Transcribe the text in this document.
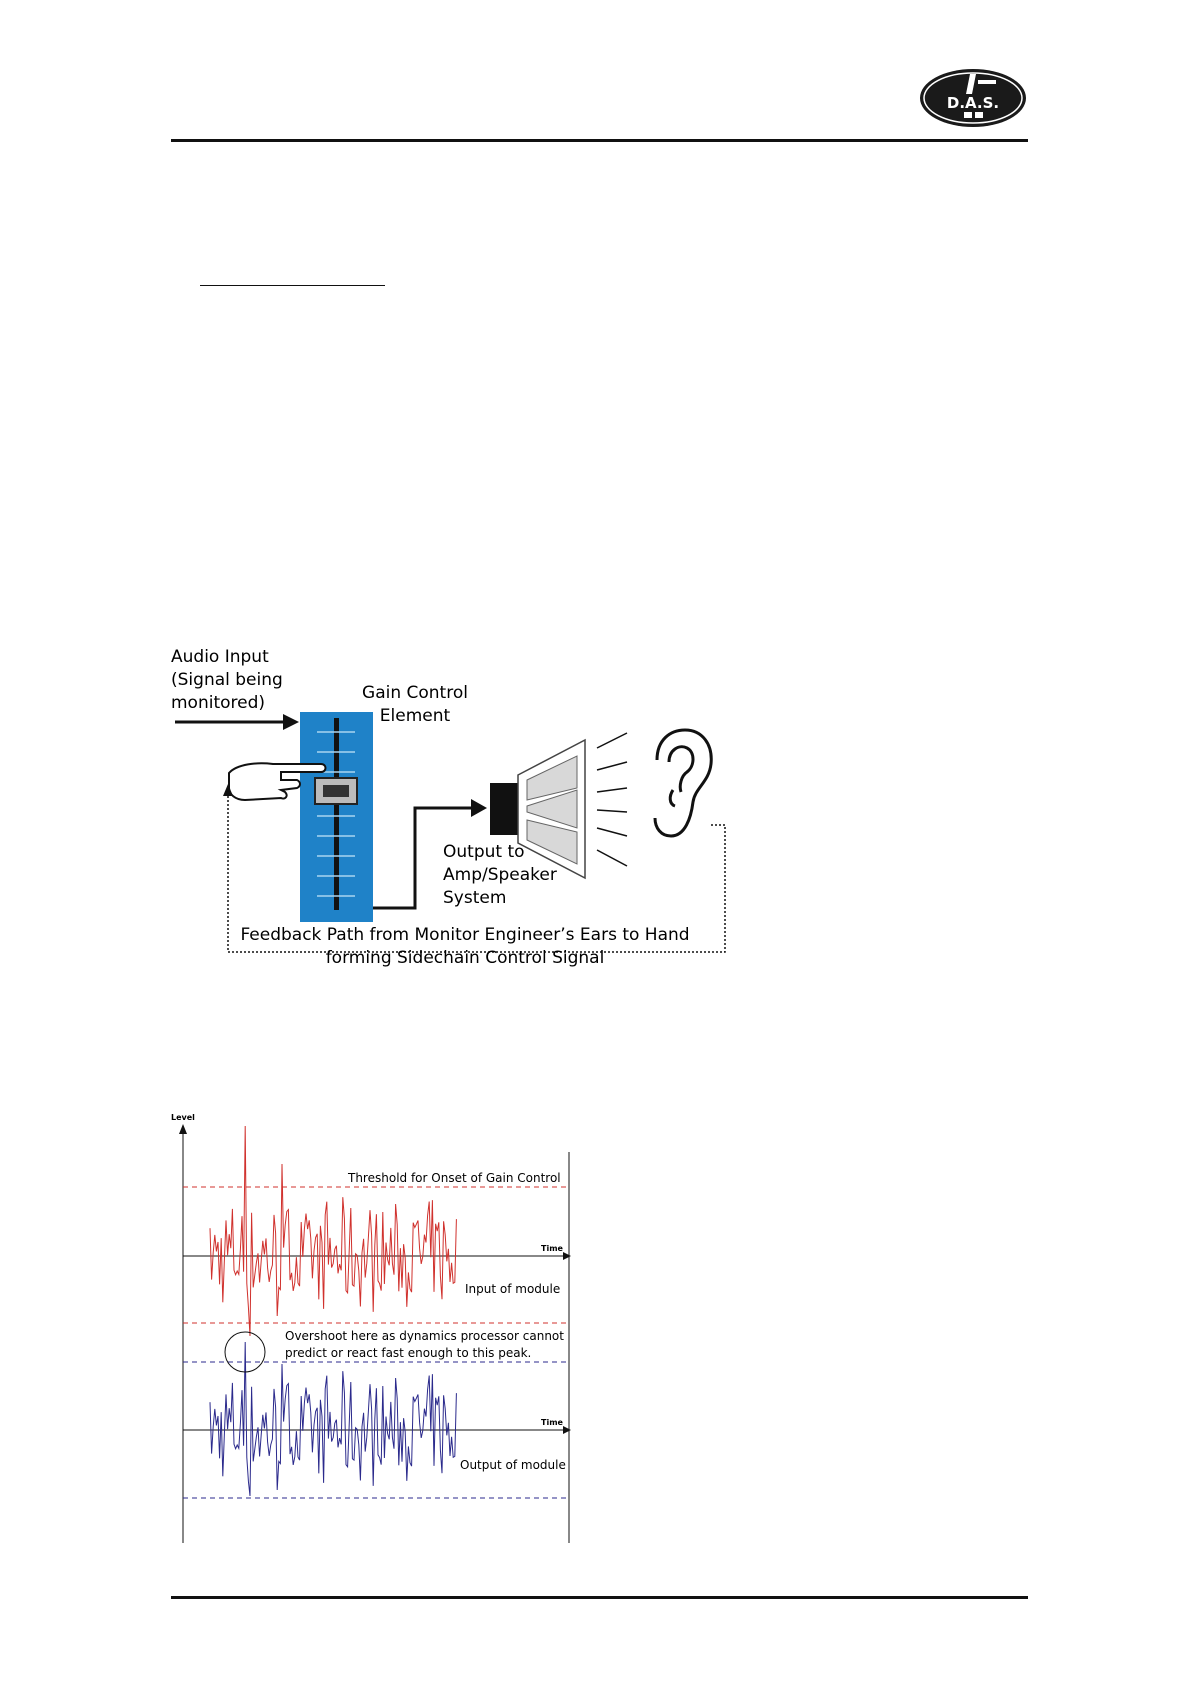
D.A.S.
Audio Input
(Signal being
monitored)	Gain Control
Element
Output to
Amp/Speaker
System
Feedback Path from Monitor Engineer’s Ears to Hand
forming Sidechain Control Signal
Level
Time
Time
Threshold for Onset of Gain Control
Input of module
Overshoot here as dynamics processor cannot
predict or react fast enough to this peak.
Output of module
